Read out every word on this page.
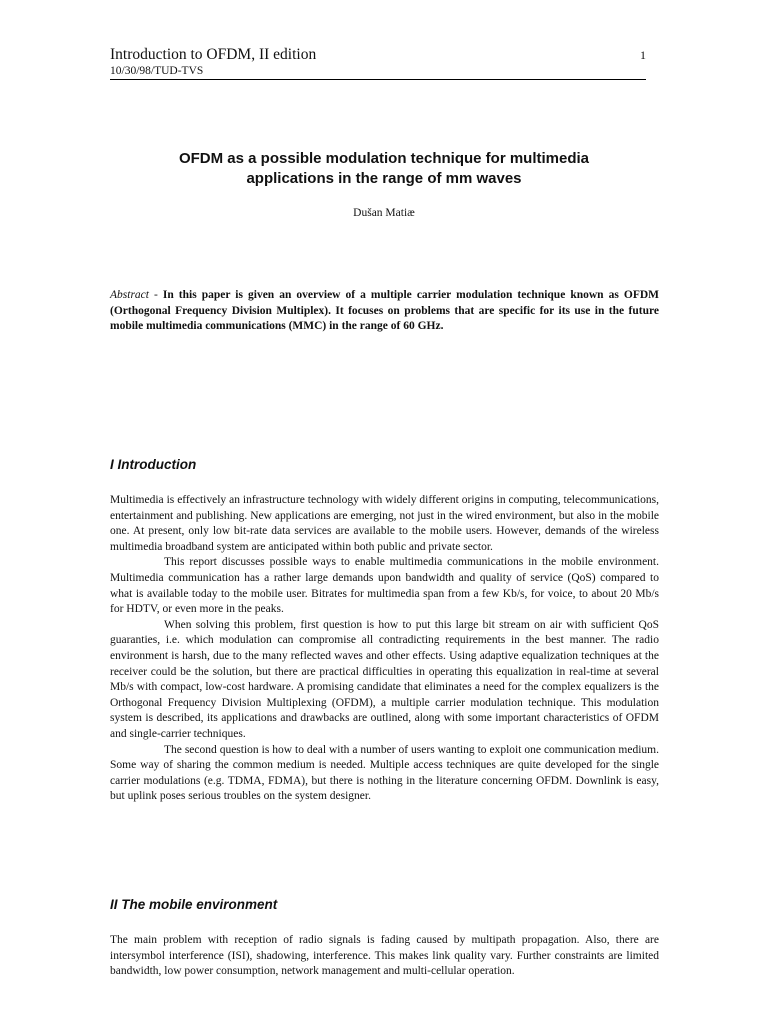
Introduction to OFDM, II edition	1
10/30/98/TUD-TVS
OFDM as a possible modulation technique for multimedia
applications in the range of mm waves
Dušan Matiæ
Abstract - In this paper is given an overview of a multiple carrier modulation technique known as OFDM (Orthogonal Frequency Division Multiplex). It focuses on problems that are specific for its use in the future mobile multimedia communications (MMC) in the range of 60 GHz.
I Introduction

Multimedia is effectively an infrastructure technology with widely different origins in computing, telecommunications, entertainment and publishing. New applications are emerging, not just in the wired environment, but also in the mobile one. At present, only low bit-rate data services are available to the mobile users. However, demands of the wireless multimedia broadband system are anticipated within both public and private sector.

This report discusses possible ways to enable multimedia communications in the mobile environment. Multimedia communication has a rather large demands upon bandwidth and quality of service (QoS) compared to what is available today to the mobile user. Bitrates for multimedia span from a few Kb/s, for voice, to about 20 Mb/s for HDTV, or even more in the peaks.

When solving this problem, first question is how to put this large bit stream on air with sufficient QoS guaranties, i.e. which modulation can compromise all contradicting requirements in the best manner. The radio environment is harsh, due to the many reflected waves and other effects. Using adaptive equalization techniques at the receiver could be the solution, but there are practical difficulties in operating this equalization in real-time at several Mb/s with compact, low-cost hardware. A promising candidate that eliminates a need for the complex equalizers is the Orthogonal Frequency Division Multiplexing (OFDM), a multiple carrier modulation technique. This modulation system is described, its applications and drawbacks are outlined, along with some important characteristics of OFDM and single-carrier techniques.

The second question is how to deal with a number of users wanting to exploit one communication medium. Some way of sharing the common medium is needed. Multiple access techniques are quite developed for the single carrier modulations (e.g. TDMA, FDMA), but there is nothing in the literature concerning OFDM. Downlink is easy, but uplink poses serious troubles on the system designer.

II The mobile environment

The main problem with reception of radio signals is fading caused by multipath propagation. Also, there are intersymbol interference (ISI), shadowing, interference. This makes link quality vary. Further constraints are limited bandwidth, low power consumption, network management and multi-cellular operation.
